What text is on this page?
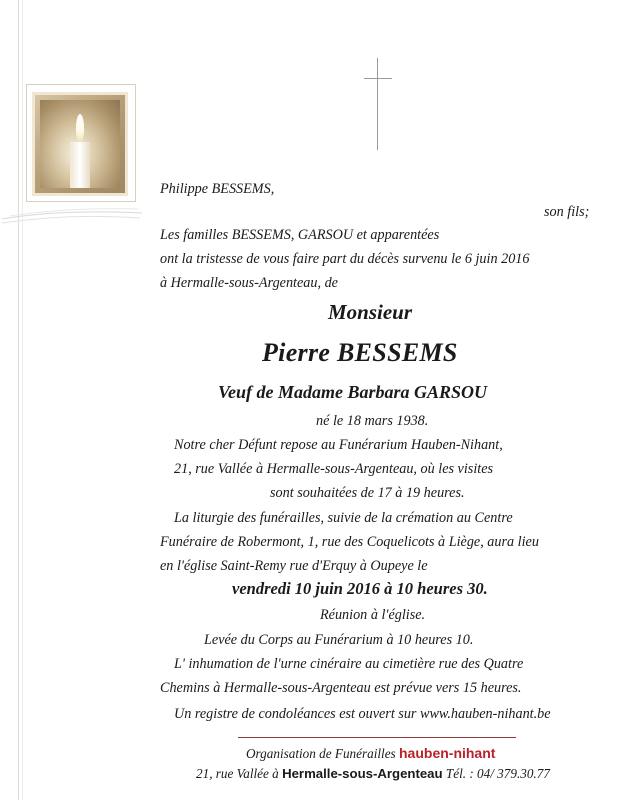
Philippe BESSEMS,
son fils;
Les familles BESSEMS, GARSOU et apparentées
ont la tristesse de vous faire part du décès survenu le 6 juin 2016
à Hermalle-sous-Argenteau, de
Monsieur
Pierre BESSEMS
Veuf de Madame Barbara GARSOU
né le 18 mars 1938.
Notre cher Défunt repose au Funérarium Hauben-Nihant,
21, rue Vallée à Hermalle-sous-Argenteau, où les visites
sont souhaitées de 17 à 19 heures.
La liturgie des funérailles, suivie de la crémation au Centre
Funéraire de Robermont, 1, rue des Coquelicots à Liège, aura lieu
en l'église Saint-Remy rue d'Erquy à Oupeye le
vendredi 10 juin 2016 à 10 heures 30.
Réunion à l'église.
Levée du Corps au Funérarium à 10 heures 10.
L' inhumation de l'urne cinéraire au cimetière rue des Quatre
Chemins à Hermalle-sous-Argenteau est prévue vers 15 heures.
Un registre de condoléances est ouvert sur www.hauben-nihant.be
Organisation de Funérailles hauben-nihant
21, rue Vallée à Hermalle-sous-Argenteau Tél. : 04/ 379.30.77
